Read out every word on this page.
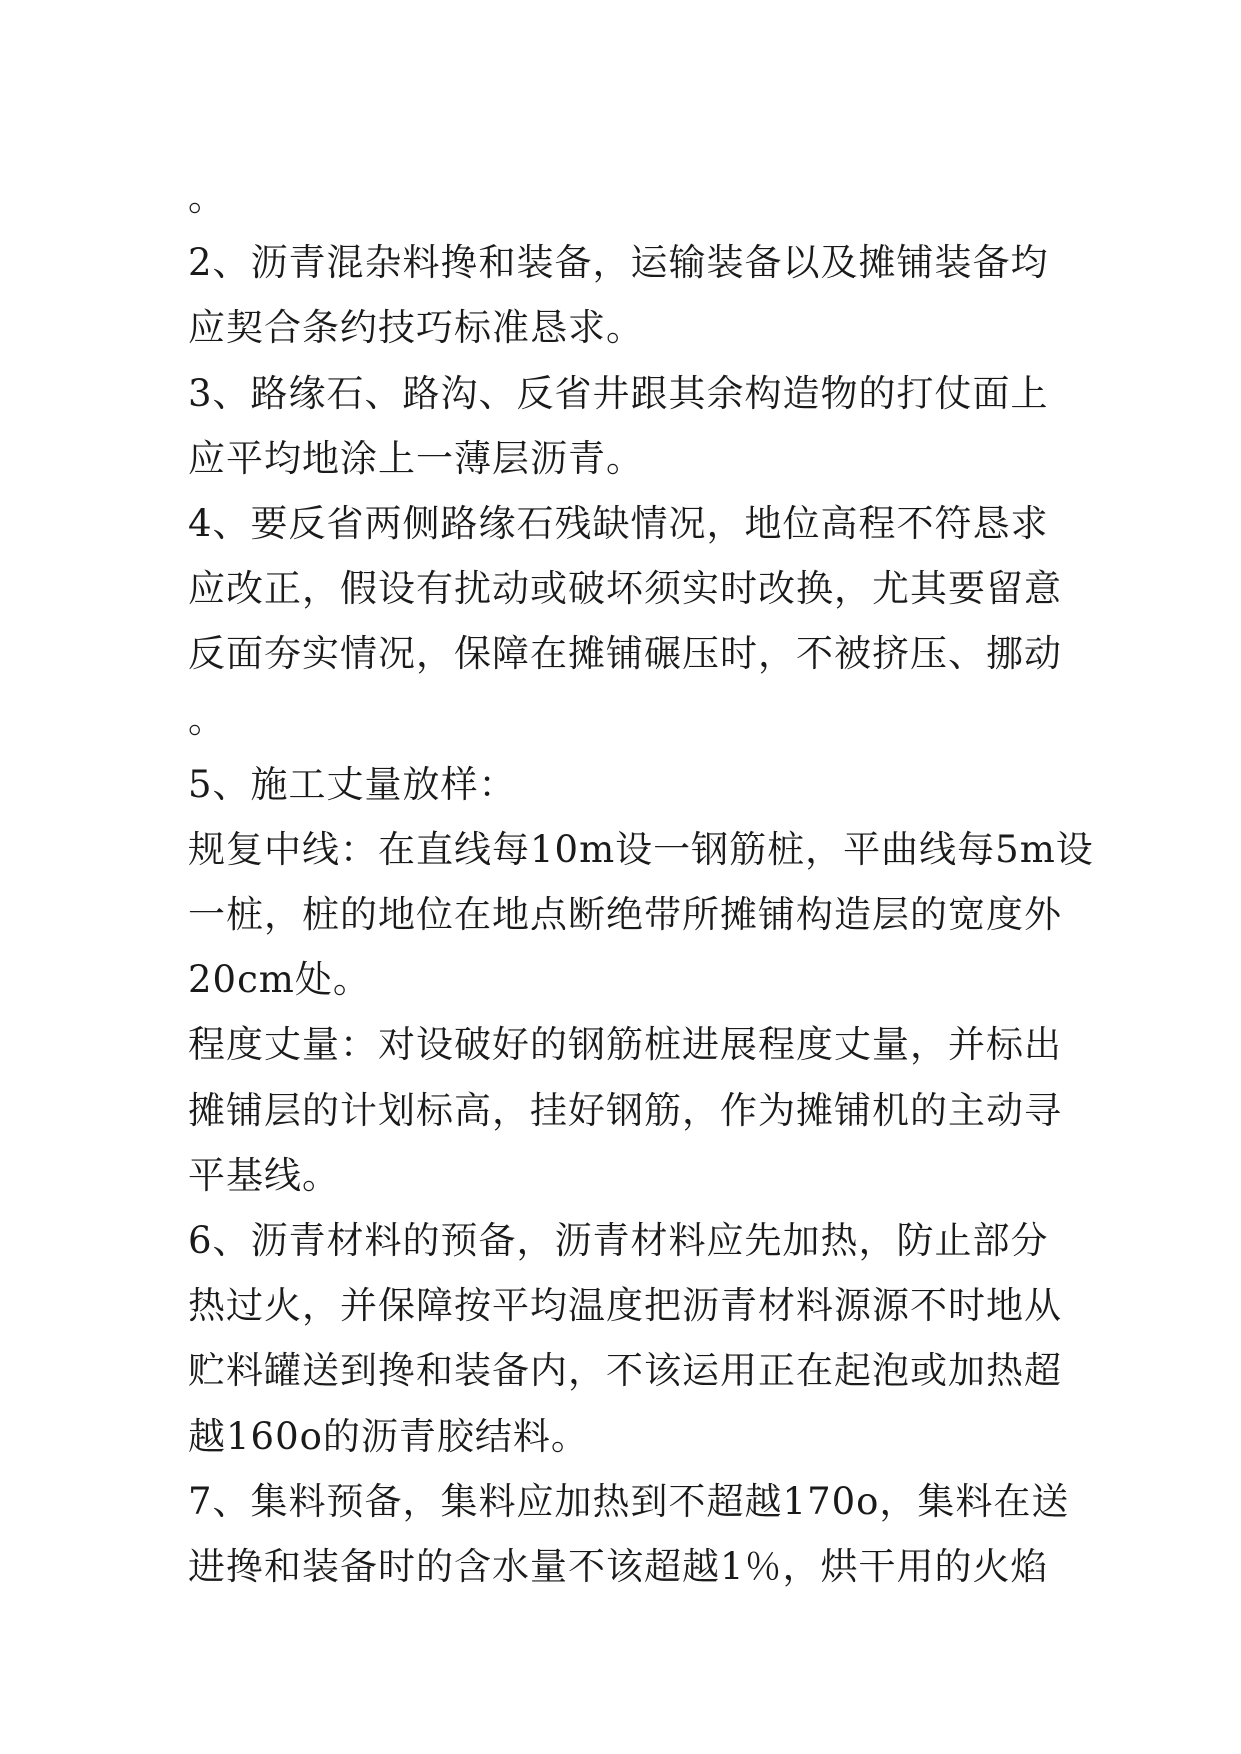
。
2、沥青混杂料搀和装备，运输装备以及摊铺装备均
应契合条约技巧标准恳求。
3、路缘石、路沟、反省井跟其余构造物的打仗面上
应平均地涂上一薄层沥青。
4、要反省两侧路缘石残缺情况，地位高程不符恳求
应改正，假设有扰动或破坏须实时改换，尤其要留意
反面夯实情况，保障在摊铺碾压时，不被挤压、挪动
。
5、施工丈量放样：
规复中线：在直线每10m设一钢筋桩，平曲线每5m设
一桩，桩的地位在地点断绝带所摊铺构造层的宽度外
20cm处。
程度丈量：对设破好的钢筋桩进展程度丈量，并标出
摊铺层的计划标高，挂好钢筋，作为摊铺机的主动寻
平基线。
6、沥青材料的预备，沥青材料应先加热，防止部分
热过火，并保障按平均温度把沥青材料源源不时地从
贮料罐送到搀和装备内，不该运用正在起泡或加热超
越160o的沥青胶结料。
7、集料预备，集料应加热到不超越170o，集料在送
进搀和装备时的含水量不该超越1％，烘干用的火焰
